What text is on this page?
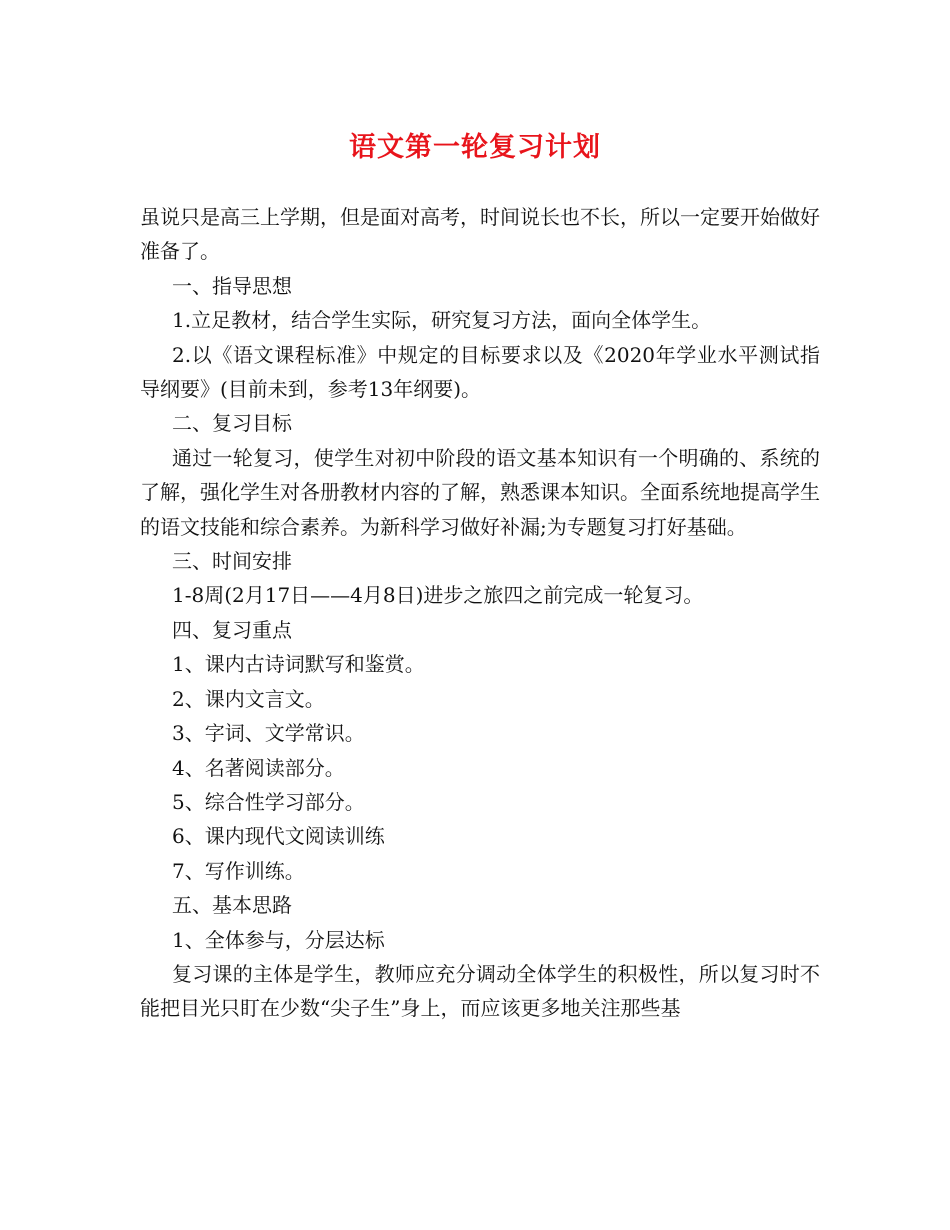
语文第一轮复习计划

虽说只是高三上学期，但是面对高考，时间说长也不长，所以一定要开始做好准备了。

一、指导思想

1.立足教材，结合学生实际，研究复习方法，面向全体学生。

2.以《语文课程标准》中规定的目标要求以及《2020年学业水平测试指导纲要》(目前未到，参考13年纲要)。

二、复习目标

通过一轮复习，使学生对初中阶段的语文基本知识有一个明确的、系统的了解，强化学生对各册教材内容的了解，熟悉课本知识。全面系统地提高学生的语文技能和综合素养。为新科学习做好补漏;为专题复习打好基础。

三、时间安排

1-8周(2月17日——4月8日)进步之旅四之前完成一轮复习。

四、复习重点

1、课内古诗词默写和鉴赏。

2、课内文言文。

3、字词、文学常识。

4、名著阅读部分。

5、综合性学习部分。

6、课内现代文阅读训练

7、写作训练。

五、基本思路

1、全体参与，分层达标

复习课的主体是学生，教师应充分调动全体学生的积极性，所以复习时不能把目光只盯在少数“尖子生”身上，而应该更多地关注那些基
